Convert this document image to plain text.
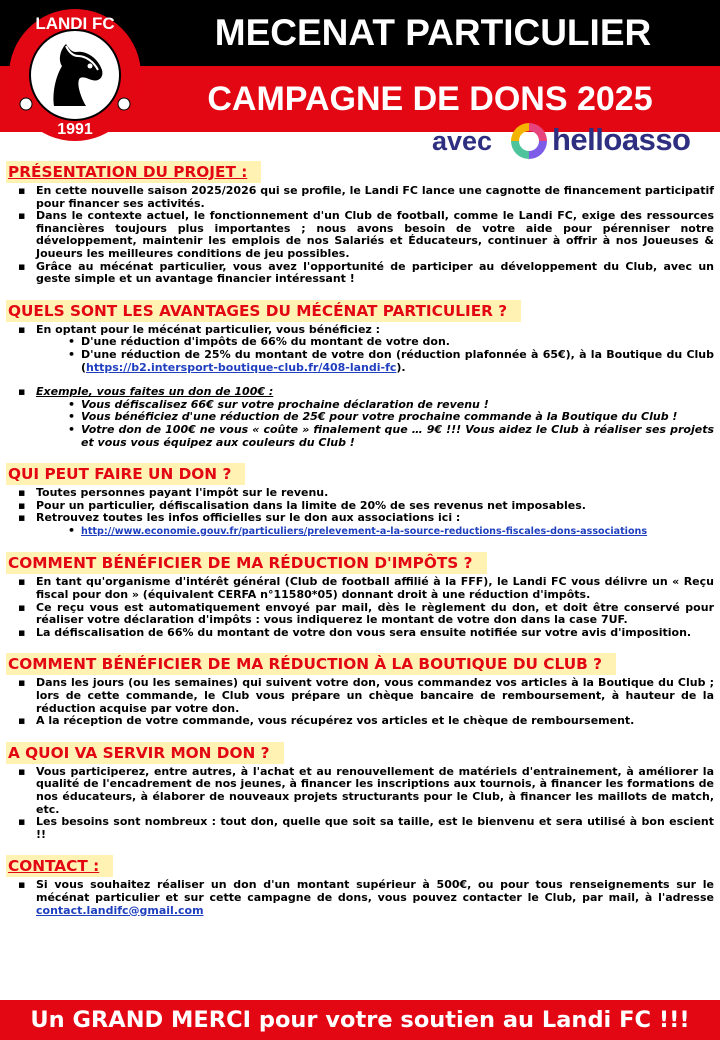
MECENAT PARTICULIER
CAMPAGNE DE DONS 2025
LANDI FC
1991	avec helloasso
PRÉSENTATION DU PROJET :
▪ En cette nouvelle saison 2025/2026 qui se profile, le Landi FC lance une cagnotte de financement participatif pour financer ses activités.
▪ Dans le contexte actuel, le fonctionnement d'un Club de football, comme le Landi FC, exige des ressources financières toujours plus importantes ; nous avons besoin de votre aide pour pérenniser notre développement, maintenir les emplois de nos Salariés et Éducateurs, continuer à offrir à nos Joueuses & Joueurs les meilleures conditions de jeu possibles.
▪ Grâce au mécénat particulier, vous avez l'opportunité de participer au développement du Club, avec un geste simple et un avantage financier intéressant !
QUELS SONT LES AVANTAGES DU MÉCÉNAT PARTICULIER ?
▪ En optant pour le mécénat particulier, vous bénéficiez :
• D'une réduction d'impôts de 66% du montant de votre don.
• D'une réduction de 25% du montant de votre don (réduction plafonnée à 65€), à la Boutique du Club (https://b2.intersport-boutique-club.fr/408-landi-fc).
▪ Exemple, vous faites un don de 100€ :
• Vous défiscalisez 66€ sur votre prochaine déclaration de revenu !
• Vous bénéficiez d'une réduction de 25€ pour votre prochaine commande à la Boutique du Club !
• Votre don de 100€ ne vous « coûte » finalement que … 9€ !!! Vous aidez le Club à réaliser ses projets et vous vous équipez aux couleurs du Club !
QUI PEUT FAIRE UN DON ?
▪ Toutes personnes payant l'impôt sur le revenu.
▪ Pour un particulier, défiscalisation dans la limite de 20% de ses revenus net imposables.
▪ Retrouvez toutes les infos officielles sur le don aux associations ici :
• http://www.economie.gouv.fr/particuliers/prelevement-a-la-source-reductions-fiscales-dons-associations
COMMENT BÉNÉFICIER DE MA RÉDUCTION D'IMPÔTS ?
▪ En tant qu'organisme d'intérêt général (Club de football affilié à la FFF), le Landi FC vous délivre un « Reçu fiscal pour don » (équivalent CERFA n°11580*05) donnant droit à une réduction d'impôts.
▪ Ce reçu vous est automatiquement envoyé par mail, dès le règlement du don, et doit être conservé pour réaliser votre déclaration d'impôts : vous indiquerez le montant de votre don dans la case 7UF.
▪ La défiscalisation de 66% du montant de votre don vous sera ensuite notifiée sur votre avis d'imposition.
COMMENT BÉNÉFICIER DE MA RÉDUCTION À LA BOUTIQUE DU CLUB ?
▪ Dans les jours (ou les semaines) qui suivent votre don, vous commandez vos articles à la Boutique du Club ; lors de cette commande, le Club vous prépare un chèque bancaire de remboursement, à hauteur de la réduction acquise par votre don.
▪ A la réception de votre commande, vous récupérez vos articles et le chèque de remboursement.
A QUOI VA SERVIR MON DON ?
▪ Vous participerez, entre autres, à l'achat et au renouvellement de matériels d'entrainement, à améliorer la qualité de l'encadrement de nos jeunes, à financer les inscriptions aux tournois, à financer les formations de nos éducateurs, à élaborer de nouveaux projets structurants pour le Club, à financer les maillots de match, etc.
▪ Les besoins sont nombreux : tout don, quelle que soit sa taille, est le bienvenu et sera utilisé à bon escient !!
CONTACT :
▪ Si vous souhaitez réaliser un don d'un montant supérieur à 500€, ou pour tous renseignements sur le mécénat particulier et sur cette campagne de dons, vous pouvez contacter le Club, par mail, à l'adresse contact.landifc@gmail.com
Un GRAND MERCI pour votre soutien au Landi FC !!!
